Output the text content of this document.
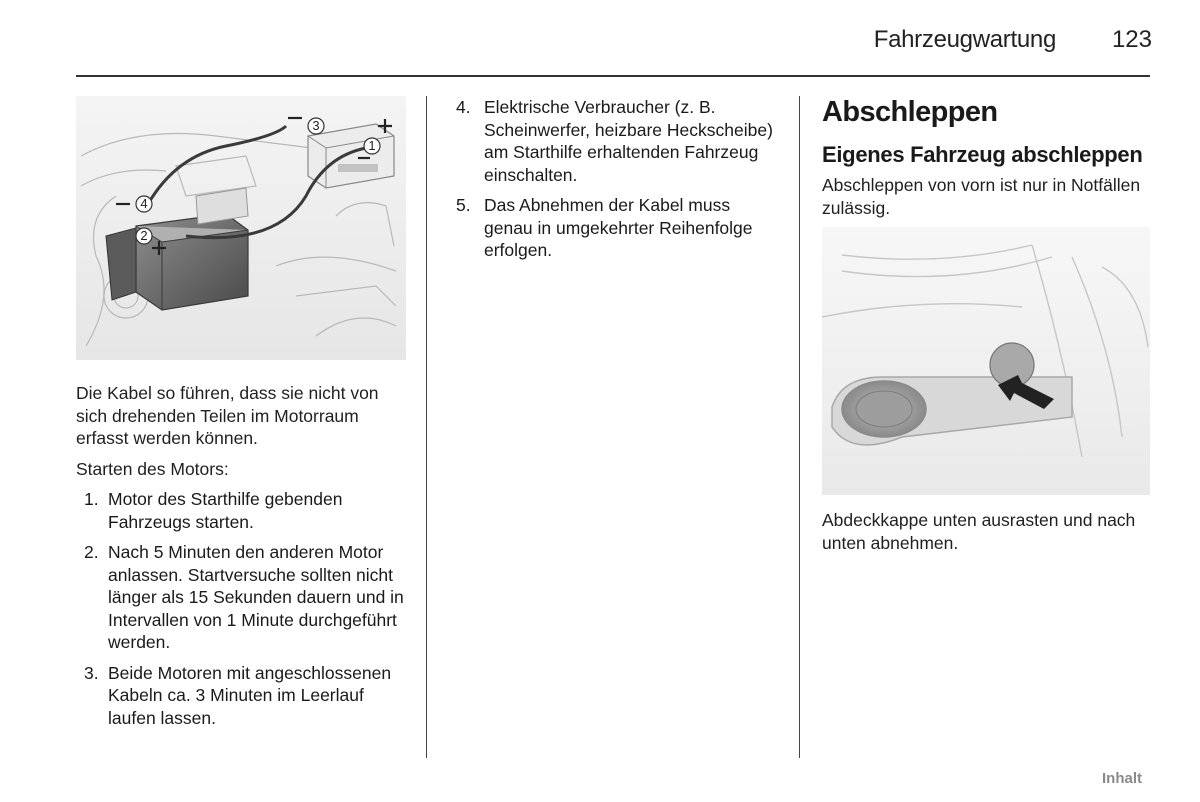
Fahrzeugwartung	123
3
1
4
2

Die Kabel so führen, dass sie nicht von sich drehenden Teilen im Motorraum erfasst werden können.

Starten des Motors:

1. Motor des Starthilfe gebenden Fahrzeugs starten.
2. Nach 5 Minuten den anderen Motor anlassen. Startversuche sollten nicht länger als 15 Sekunden dauern und in Intervallen von 1 Minute durchgeführt werden.
3. Beide Motoren mit angeschlossenen Kabeln ca. 3 Minuten im Leerlauf laufen lassen.
4. Elektrische Verbraucher (z. B. Scheinwerfer, heizbare Heckscheibe) am Starthilfe erhaltenden Fahrzeug einschalten.
5. Das Abnehmen der Kabel muss genau in umgekehrter Reihenfolge erfolgen.
Abschleppen
Eigenes Fahrzeug abschleppen

Abschleppen von vorn ist nur in Notfällen zulässig.

Abdeckkappe unten ausrasten und nach unten abnehmen.

Inhalt
